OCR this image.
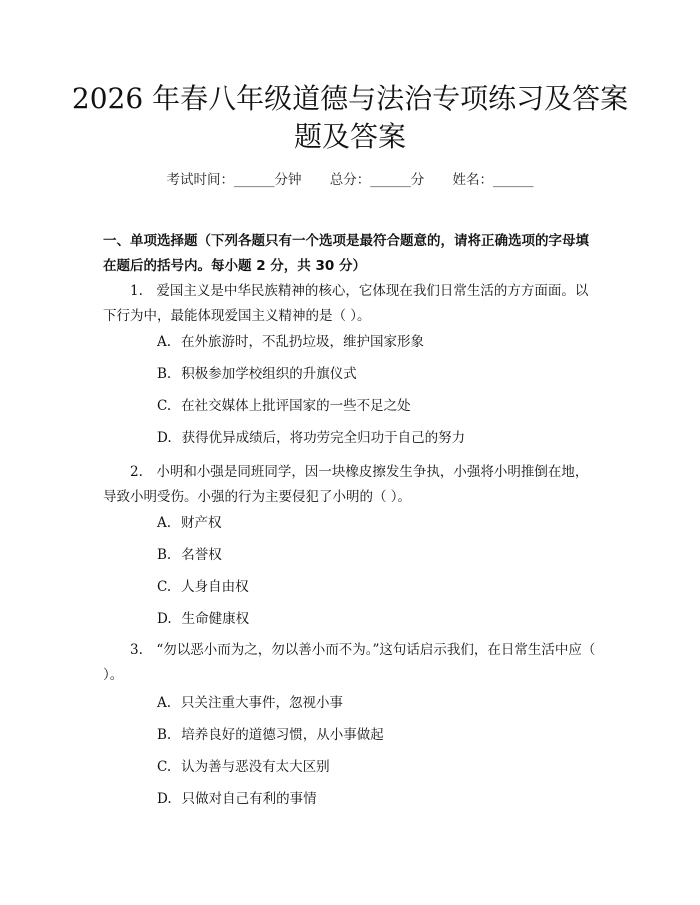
2026 年春八年级道德与法治专项练习及答案
题及答案
考试时间：______分钟 总分：______分 姓名：______
一、单项选择题（下列各题只有一个选项是最符合题意的，请将正确选项的字母填在题后的括号内。每小题 2 分，共 30 分）
1.　爱国主义是中华民族精神的核心，它体现在我们日常生活的方方面面。以下行为中，最能体现爱国主义精神的是（ ）。
A. 在外旅游时，不乱扔垃圾，维护国家形象
B. 积极参加学校组织的升旗仪式
C. 在社交媒体上批评国家的一些不足之处
D. 获得优异成绩后，将功劳完全归功于自己的努力
2.　小明和小强是同班同学，因一块橡皮擦发生争执，小强将小明推倒在地，导致小明受伤。小强的行为主要侵犯了小明的（ ）。
A. 财产权
B. 名誉权
C. 人身自由权
D. 生命健康权
3.　“勿以恶小而为之，勿以善小而不为。”这句话启示我们，在日常生活中应（ ）。
A. 只关注重大事件，忽视小事
B. 培养良好的道德习惯，从小事做起
C. 认为善与恶没有太大区别
D. 只做对自己有利的事情
